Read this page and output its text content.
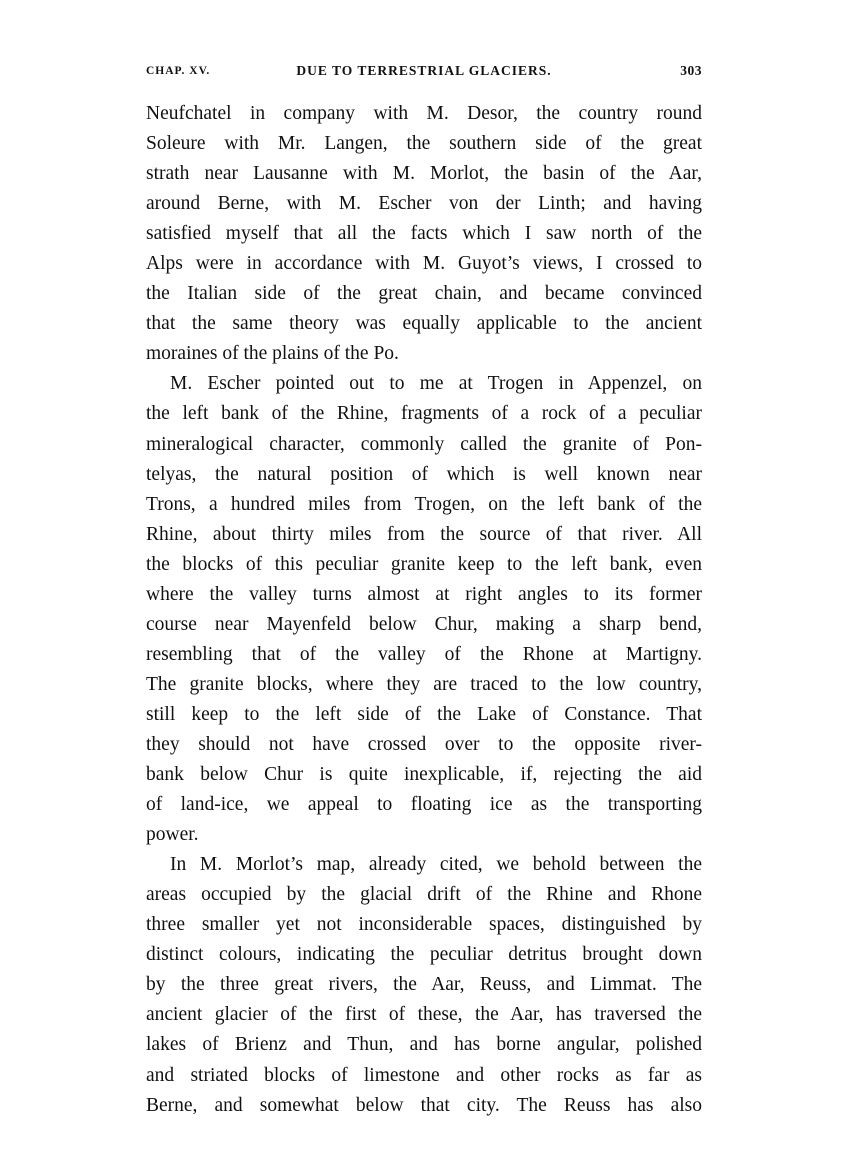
CHAP. XV.	DUE TO TERRESTRIAL GLACIERS.	303
Neufchatel in company with M. Desor, the country round
Soleure with Mr. Langen, the southern side of the great
strath near Lausanne with M. Morlot, the basin of the Aar,
around Berne, with M. Escher von der Linth; and having
satisfied myself that all the facts which I saw north of the
Alps were in accordance with M. Guyot’s views, I crossed to
the Italian side of the great chain, and became convinced
that the same theory was equally applicable to the ancient
moraines of the plains of the Po.
M. Escher pointed out to me at Trogen in Appenzel, on
the left bank of the Rhine, fragments of a rock of a peculiar
mineralogical character, commonly called the granite of Pon-
telyas, the natural position of which is well known near
Trons, a hundred miles from Trogen, on the left bank of the
Rhine, about thirty miles from the source of that river. All
the blocks of this peculiar granite keep to the left bank, even
where the valley turns almost at right angles to its former
course near Mayenfeld below Chur, making a sharp bend,
resembling that of the valley of the Rhone at Martigny.
The granite blocks, where they are traced to the low country,
still keep to the left side of the Lake of Constance. That
they should not have crossed over to the opposite river-
bank below Chur is quite inexplicable, if, rejecting the aid
of land-ice, we appeal to floating ice as the transporting
power.
In M. Morlot’s map, already cited, we behold between the
areas occupied by the glacial drift of the Rhine and Rhone
three smaller yet not inconsiderable spaces, distinguished by
distinct colours, indicating the peculiar detritus brought down
by the three great rivers, the Aar, Reuss, and Limmat. The
ancient glacier of the first of these, the Aar, has traversed the
lakes of Brienz and Thun, and has borne angular, polished
and striated blocks of limestone and other rocks as far as
Berne, and somewhat below that city. The Reuss has also
